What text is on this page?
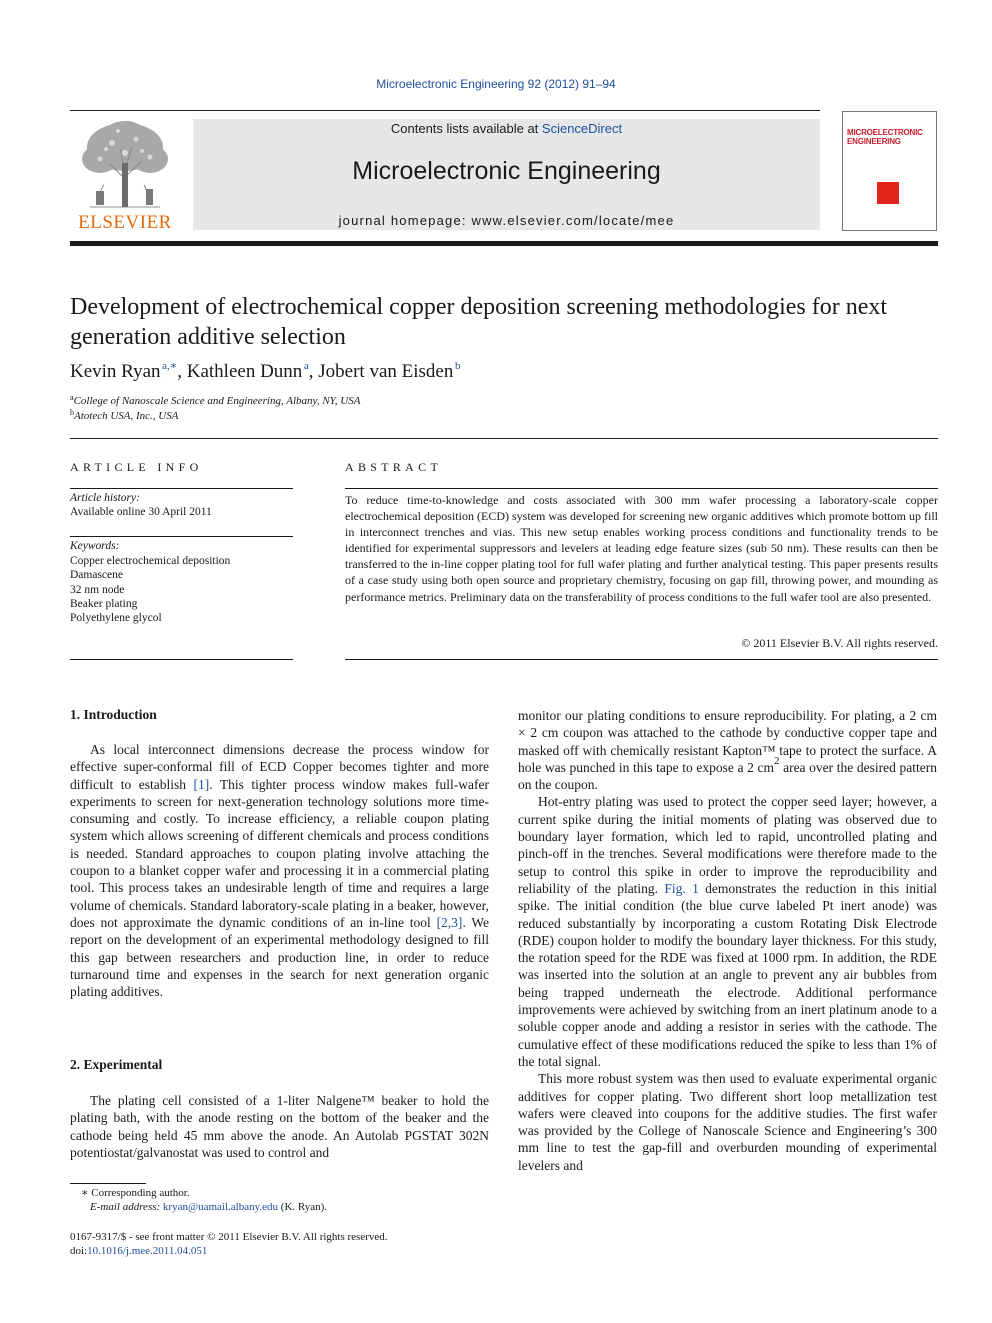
Microelectronic Engineering 92 (2012) 91–94
ELSEVIER
Contents lists available at ScienceDirect
Microelectronic Engineering
journal homepage: www.elsevier.com/locate/mee
MICROELECTRONIC ENGINEERING
Development of electrochemical copper deposition screening methodologies for next generation additive selection
Kevin Ryan  $^{a,∗}$, Kathleen Dunn  $^a$, Jobert van Eisden  $^b$
$^a$College of Nanoscale Science and Engineering, Albany, NY, USA
$^b$Atotech USA, Inc., USA
ARTICLE INFO
Article history:
Available online 30 April 2011
Keywords:
Copper electrochemical deposition
Damascene
32 nm node
Beaker plating
Polyethylene glycol
ABSTRACT
To reduce time-to-knowledge and costs associated with 300 mm wafer processing a laboratory-scale copper electrochemical deposition (ECD) system was developed for screening new organic additives which promote bottom up fill in interconnect trenches and vias. This new setup enables working process conditions and functionality trends to be identified for experimental suppressors and levelers at leading edge feature sizes (sub 50 nm). These results can then be transferred to the in-line copper plating tool for full wafer plating and further analytical testing. This paper presents results of a case study using both open source and proprietary chemistry, focusing on gap fill, throwing power, and mounding as performance metrics. Preliminary data on the transferability of process conditions to the full wafer tool are also presented.
© 2011 Elsevier B.V. All rights reserved.
1. Introduction

As local interconnect dimensions decrease the process window for effective super-conformal fill of ECD Copper becomes tighter and more difficult to establish [1]. This tighter process window makes full-wafer experiments to screen for next-generation technology solutions more time-consuming and costly. To increase efficiency, a reliable coupon plating system which allows screening of different chemicals and process conditions is needed. Standard approaches to coupon plating involve attaching the coupon to a blanket copper wafer and processing it in a commercial plating tool. This process takes an undesirable length of time and requires a large volume of chemicals. Standard laboratory-scale plating in a beaker, however, does not approximate the dynamic conditions of an in-line tool [2,3]. We report on the development of an experimental methodology designed to fill this gap between researchers and production line, in order to reduce turnaround time and expenses in the search for next generation organic plating additives.

2. Experimental

The plating cell consisted of a 1-liter Nalgene™ beaker to hold the plating bath, with the anode resting on the bottom of the beaker and the cathode being held 45 mm above the anode. An Autolab PGSTAT 302N potentiostat/galvanostat was used to control and

monitor our plating conditions to ensure reproducibility. For plating, a 2 cm × 2 cm coupon was attached to the cathode by conductive copper tape and masked off with chemically resistant Kapton™ tape to protect the surface. A hole was punched in this tape to expose a 2 $cm^2$ area over the desired pattern on the coupon.

Hot-entry plating was used to protect the copper seed layer; however, a current spike during the initial moments of plating was observed due to boundary layer formation, which led to rapid, uncontrolled plating and pinch-off in the trenches. Several modifications were therefore made to the setup to control this spike in order to improve the reproducibility and reliability of the plating. Fig. 1 demonstrates the reduction in this initial spike. The initial condition (the blue curve labeled Pt inert anode) was reduced substantially by incorporating a custom Rotating Disk Electrode (RDE) coupon holder to modify the boundary layer thickness. For this study, the rotation speed for the RDE was fixed at 1000 rpm. In addition, the RDE was inserted into the solution at an angle to prevent any air bubbles from being trapped underneath the electrode. Additional performance improvements were achieved by switching from an inert platinum anode to a soluble copper anode and adding a resistor in series with the cathode. The cumulative effect of these modifications reduced the spike to less than 1% of the total signal.

This more robust system was then used to evaluate experimental organic additives for copper plating. Two different short loop metallization test wafers were cleaved into coupons for the additive studies. The first wafer was provided by the College of Nanoscale Science and Engineering’s 300 mm line to test the gap-fill and overburden mounding of experimental levelers and

∗ Corresponding author.
E-mail address: kryan@uamail.albany.edu (K. Ryan).
0167-9317/$ - see front matter © 2011 Elsevier B.V. All rights reserved.
doi:10.1016/j.mee.2011.04.051
